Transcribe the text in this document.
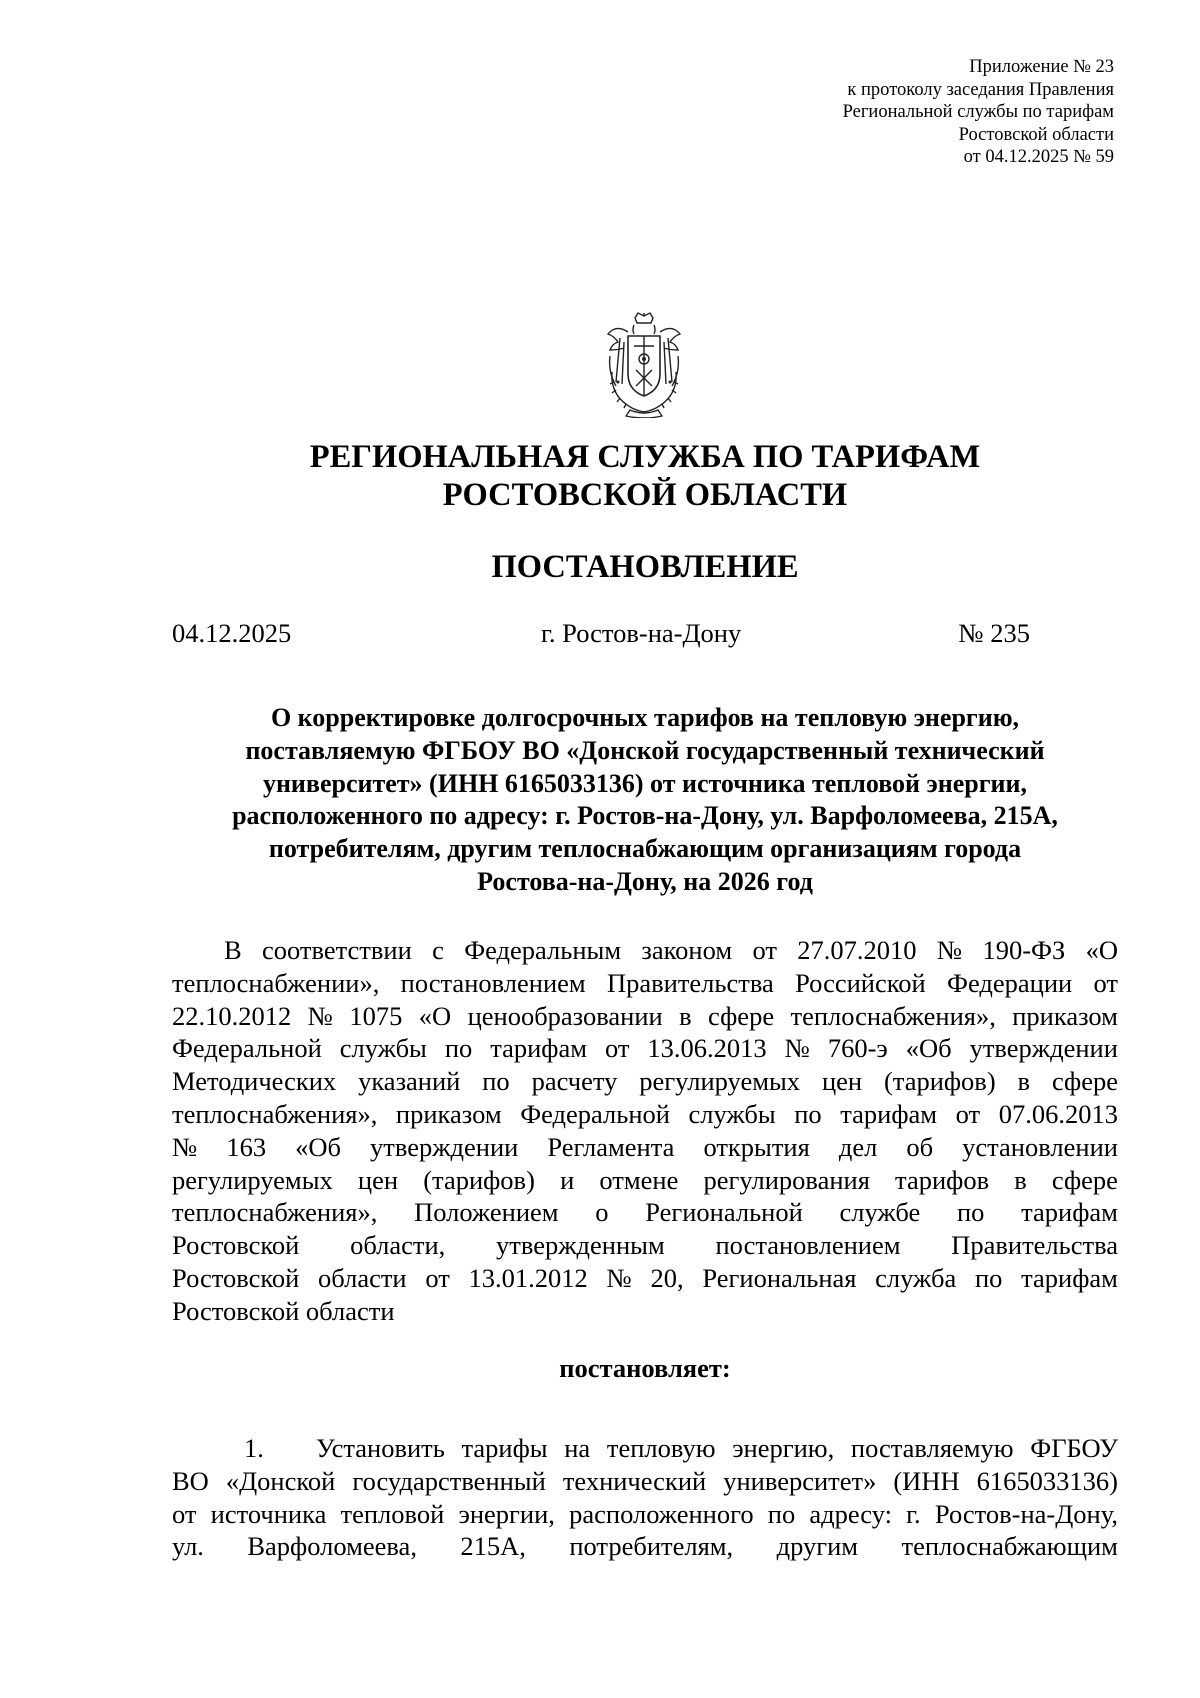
Приложение № 23
к протоколу заседания Правления
Региональной службы по тарифам
Ростовской области
от 04.12.2025 № 59
РЕГИОНАЛЬНАЯ СЛУЖБА ПО ТАРИФАМ
РОСТОВСКОЙ ОБЛАСТИ
ПОСТАНОВЛЕНИЕ
04.12.2025	г. Ростов-на-Дону	№ 235
О корректировке долгосрочных тарифов на тепловую энергию,
поставляемую ФГБОУ ВО «Донской государственный технический
университет» (ИНН 6165033136) от источника тепловой энергии,
расположенного по адресу: г. Ростов-на-Дону, ул. Варфоломеева, 215А,
потребителям, другим теплоснабжающим организациям города
Ростова-на-Дону, на 2026 год
В соответствии с Федеральным законом от 27.07.2010 № 190-ФЗ «О
теплоснабжении», постановлением Правительства Российской Федерации от
22.10.2012 № 1075 «О ценообразовании в сфере теплоснабжения», приказом
Федеральной службы по тарифам от 13.06.2013 № 760-э «Об утверждении
Методических указаний по расчету регулируемых цен (тарифов) в сфере
теплоснабжения», приказом Федеральной службы по тарифам от 07.06.2013
№ 163 «Об утверждении Регламента открытия дел об установлении
регулируемых цен (тарифов) и отмене регулирования тарифов в сфере
теплоснабжения», Положением о Региональной службе по тарифам
Ростовской области, утвержденным постановлением Правительства
Ростовской области от 13.01.2012 № 20, Региональная служба по тарифам
Ростовской области
постановляет:
1.	Установить тарифы на тепловую энергию, поставляемую ФГБОУ
ВО «Донской государственный технический университет» (ИНН 6165033136)
от источника тепловой энергии, расположенного по адресу: г. Ростов-на-Дону,
ул. Варфоломеева, 215А, потребителям, другим теплоснабжающим
